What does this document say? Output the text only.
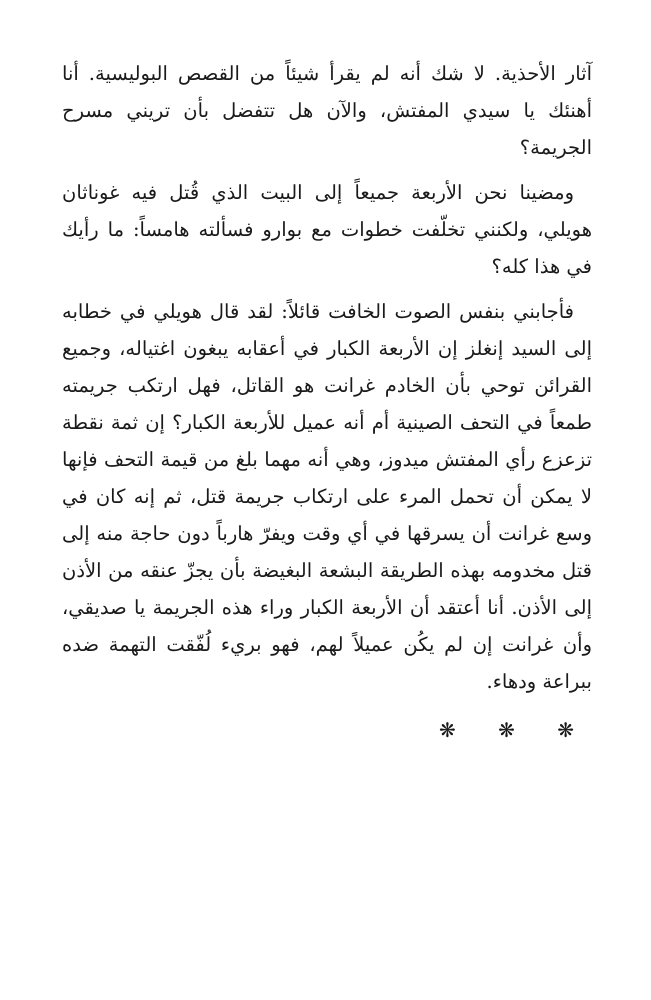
آثار الأحذية. لا شك أنه لم يقرأ شيئاً من القصص البوليسية. أنا أهنئك يا سيدي المفتش، والآن هل تتفضل بأن تريني مسرح الجريمة؟

ومضينا نحن الأربعة جميعاً إلى البيت الذي قُتل فيه غوناثان هويلي، ولكنني تخلّفت خطوات مع بوارو فسألته هامساً: ما رأيك في هذا كله؟

فأجابني بنفس الصوت الخافت قائلاً: لقد قال هويلي في خطابه إلى السيد إنغلز إن الأربعة الكبار في أعقابه يبغون اغتياله، وجميع القرائن توحي بأن الخادم غرانت هو القاتل، فهل ارتكب جريمته طمعاً في التحف الصينية أم أنه عميل للأربعة الكبار؟ إن ثمة نقطة تزعزع رأي المفتش ميدوز، وهي أنه مهما بلغ من قيمة التحف فإنها لا يمكن أن تحمل المرء على ارتكاب جريمة قتل، ثم إنه كان في وسع غرانت أن يسرقها في أي وقت ويفرّ هارباً دون حاجة منه إلى قتل مخدومه بهذه الطريقة البشعة البغيضة بأن يجزّ عنقه من الأذن إلى الأذن. أنا أعتقد أن الأربعة الكبار وراء هذه الجريمة يا صديقي، وأن غرانت إن لم يكُن عميلاً لهم، فهو بريء لُفّقت التهمة ضده ببراعة ودهاء.

❋ ❋ ❋
